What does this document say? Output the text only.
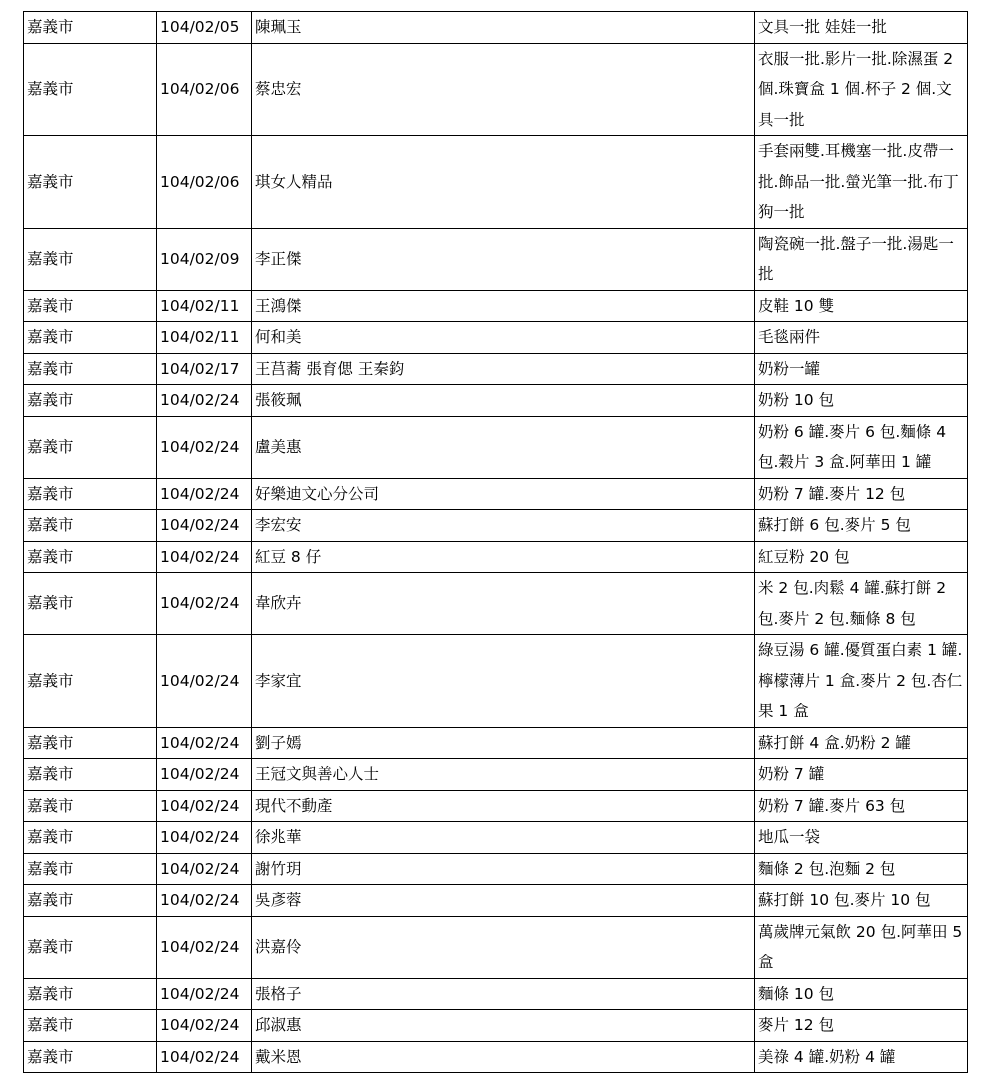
嘉義市	104/02/05	陳珮玉	文具一批 娃娃一批
嘉義市	104/02/06	蔡忠宏	衣服一批.影片一批.除濕蛋 2 個.珠寶盒 1 個.杯子 2 個.文具一批
嘉義市	104/02/06	琪女人精品	手套兩雙.耳機塞一批.皮帶一批.飾品一批.螢光筆一批.布丁狗一批
嘉義市	104/02/09	李正傑	陶瓷碗一批.盤子一批.湯匙一批
嘉義市	104/02/11	王鴻傑	皮鞋 10 雙
嘉義市	104/02/11	何和美	毛毯兩件
嘉義市	104/02/17	王莒蕎 張育偲 王秦鈞	奶粉一罐
嘉義市	104/02/24	張筱珮	奶粉 10 包
嘉義市	104/02/24	盧美惠	奶粉 6 罐.麥片 6 包.麵條 4 包.穀片 3 盒.阿華田 1 罐
嘉義市	104/02/24	好樂迪文心分公司	奶粉 7 罐.麥片 12 包
嘉義市	104/02/24	李宏安	蘇打餅 6 包.麥片 5 包
嘉義市	104/02/24	紅豆 8 仔	紅豆粉 20 包
嘉義市	104/02/24	韋欣卉	米 2 包.肉鬆 4 罐.蘇打餅 2 包.麥片 2 包.麵條 8 包
嘉義市	104/02/24	李家宜	綠豆湯 6 罐.優質蛋白素 1 罐.檸檬薄片 1 盒.麥片 2 包.杏仁果 1 盒
嘉義市	104/02/24	劉子嫣	蘇打餅 4 盒.奶粉 2 罐
嘉義市	104/02/24	王冠文與善心人士	奶粉 7 罐
嘉義市	104/02/24	現代不動產	奶粉 7 罐.麥片 63 包
嘉義市	104/02/24	徐兆華	地瓜一袋
嘉義市	104/02/24	謝竹玥	麵條 2 包.泡麵 2 包
嘉義市	104/02/24	吳彥蓉	蘇打餅 10 包.麥片 10 包
嘉義市	104/02/24	洪嘉伶	萬歲牌元氣飲 20 包.阿華田 5 盒
嘉義市	104/02/24	張格子	麵條 10 包
嘉義市	104/02/24	邱淑惠	麥片 12 包
嘉義市	104/02/24	戴米恩	美祿 4 罐.奶粉 4 罐
